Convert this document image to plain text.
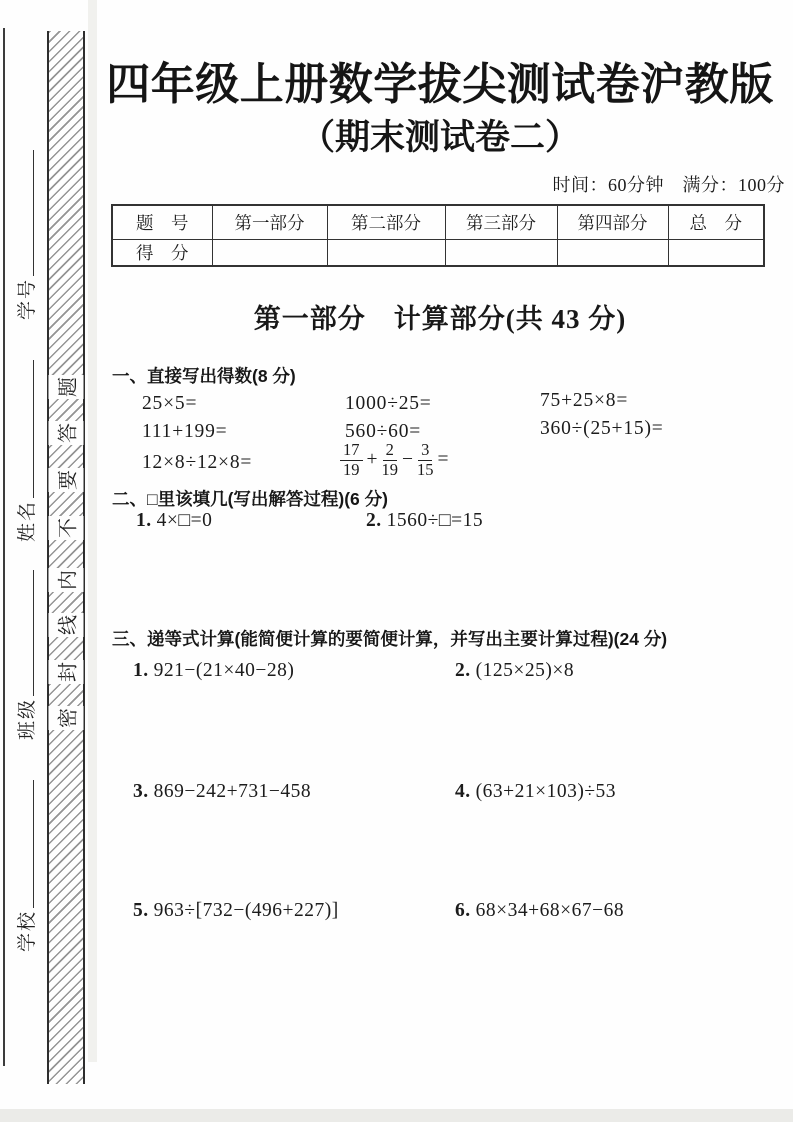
题
答
要
不
内
线
封
密
学号
姓名
班级
学校
四年级上册数学拔尖测试卷沪教版
（期末测试卷二）
时间：60分钟　满分：100分
题　号	第一部分	第二部分	第三部分	第四部分	总　分
得　分					
第一部分　计算部分(共 43 分)
一、直接写出得数(8 分)
25×5=	1000÷25=	75+25×8=
111+199=	560÷60=	360÷(25+15)=
12×8÷12×8=	$\frac{17}{19} + \frac{2}{19} - \frac{3}{15}$ =
二、□里该填几(写出解答过程)(6 分)
1. 4×□=0	2. 1560÷□=15
三、递等式计算(能简便计算的要简便计算，并写出主要计算过程)(24 分)
1. 921−(21×40−28)	2. (125×25)×8
3. 869−242+731−458	4. (63+21×103)÷53
5. 963÷[732−(496+227)]	6. 68×34+68×67−68
